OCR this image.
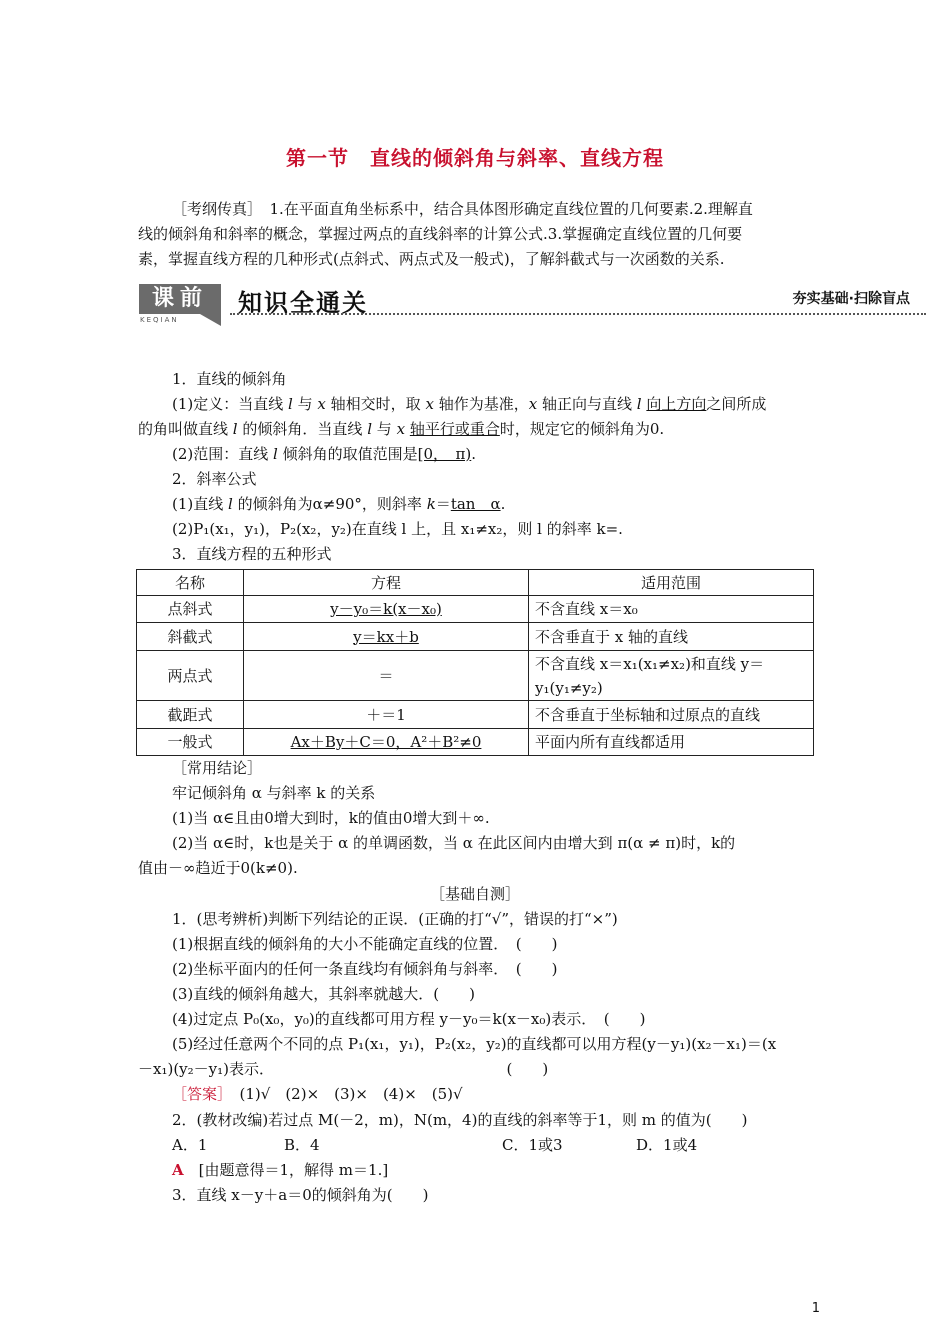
第一节　直线的倾斜角与斜率、直线方程
［考纲传真］　1.在平面直角坐标系中，结合具体图形确定直线位置的几何要素.2.理解直
线的倾斜角和斜率的概念，掌握过两点的直线斜率的计算公式.3.掌握确定直线位置的几何要
素，掌握直线方程的几种形式(点斜式、两点式及一般式)，了解斜截式与一次函数的关系.
课前
KEQIAN
知识全通关	夯实基础·扫除盲点
1．直线的倾斜角
(1)定义：当直线 l 与 x 轴相交时，取 x 轴作为基准，x 轴正向与直线 l 向上方向之间所成
的角叫做直线 l 的倾斜角．当直线 l 与 x 轴平行或重合时，规定它的倾斜角为0.
(2)范围：直线 l 倾斜角的取值范围是[0，　π).
2．斜率公式
(1)直线 l 的倾斜角为α≠90°，则斜率 k＝tan　α.
(2)P₁(x₁，y₁)，P₂(x₂，y₂)在直线 l 上，且 x₁≠x₂，则 l 的斜率 k=.
3．直线方程的五种形式
名称	方程	适用范围
点斜式	y－y₀＝k(x－x₀)	不含直线 x＝x₀
斜截式	y＝kx＋b	不含垂直于 x 轴的直线
两点式	＝	不含直线 x＝x₁(x₁≠x₂)和直线 y＝
y₁(y₁≠y₂)

截距式	＋＝1	不含垂直于坐标轴和过原点的直线
一般式	Ax＋By＋C＝0，A²＋B²≠0	平面内所有直线都适用
［常用结论］
牢记倾斜角 α 与斜率 k 的关系
(1)当 α∈且由0增大到时，k的值由0增大到＋∞.
(2)当 α∈时，k也是关于 α 的单调函数，当 α 在此区间内由增大到 π(α ≠ π)时，k的
值由－∞趋近于0(k≠0).
［基础自测］
1．(思考辨析)判断下列结论的正误．(正确的打“√”，错误的打“×”)
(1)根据直线的倾斜角的大小不能确定直线的位置．　(　　)
(2)坐标平面内的任何一条直线均有倾斜角与斜率．　(　　)
(3)直线的倾斜角越大，其斜率就越大．(　　)
(4)过定点 P₀(x₀，y₀)的直线都可用方程 y－y₀＝k(x－x₀)表示．　(　　)
(5)经过任意两个不同的点 P₁(x₁，y₁)，P₂(x₂，y₂)的直线都可以用方程(y－y₁)(x₂－x₁)＝(x
－x₁)(y₂－y₁)表示．　　　　　　　　　　　　　　　　(　　)
［答案］　(1)√　(2)×　(3)×　(4)×　(5)√
2．(教材改编)若过点 M(－2，m)，N(m，4)的直线的斜率等于1，则 m 的值为(　　)
A．1	B．4	C．1或3	D．1或4
A　[由题意得＝1，解得 m＝1.]
3．直线 x－y＋a＝0的倾斜角为(　　)
1
